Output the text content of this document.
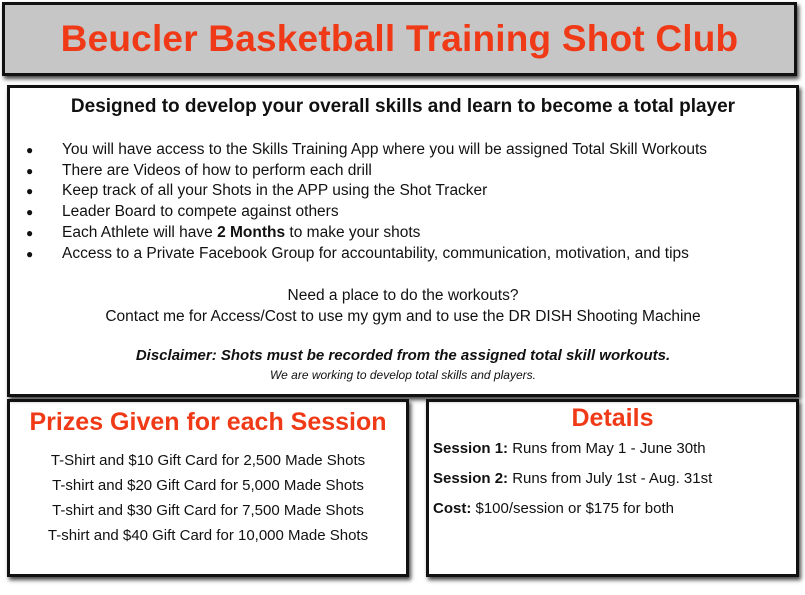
Beucler Basketball Training Shot Club
Designed to develop your overall skills and learn to become a total player
● You will have access to the Skills Training App where you will be assigned Total Skill Workouts
● There are Videos of how to perform each drill
● Keep track of all your Shots in the APP using the Shot Tracker
● Leader Board to compete against others
● Each Athlete will have 2 Months to make your shots
● Access to a Private Facebook Group for accountability, communication, motivation, and tips
Need a place to do the workouts?
Contact me for Access/Cost to use my gym and to use the DR DISH Shooting Machine
Disclaimer: Shots must be recorded from the assigned total skill workouts.
We are working to develop total skills and players.
Prizes Given for each Session
T-Shirt and $10 Gift Card for 2,500 Made Shots
T-shirt and $20 Gift Card for 5,000 Made Shots
T-shirt and $30 Gift Card for 7,500 Made Shots
T-shirt and $40 Gift Card for 10,000 Made Shots
Details
Session 1: Runs from May 1 - June 30th
Session 2: Runs from July 1st - Aug. 31st
Cost: $100/session or $175 for both
